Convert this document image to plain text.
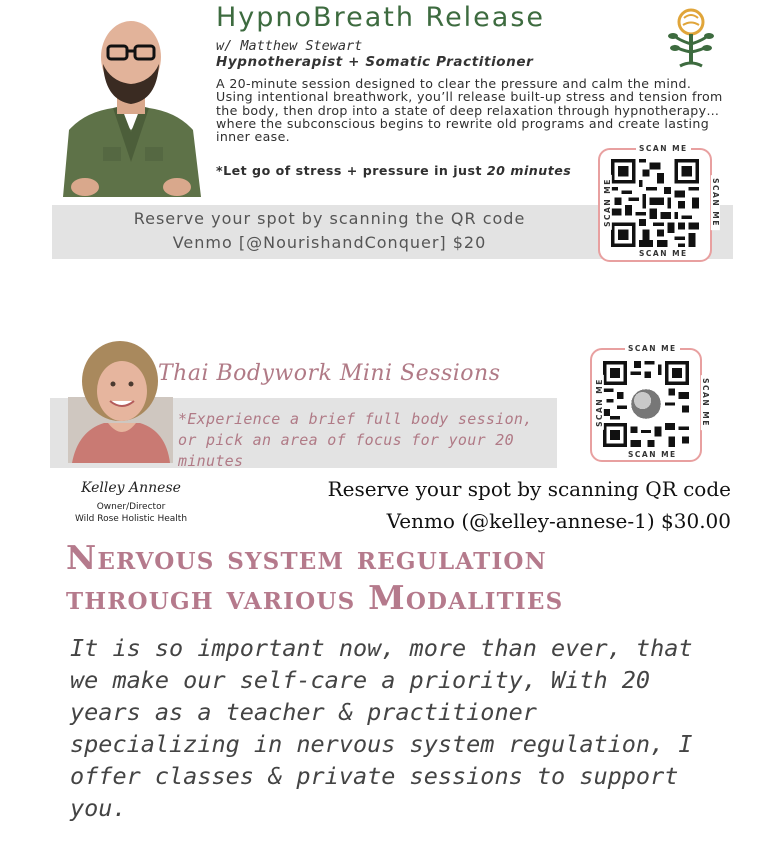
HypnoBreath Release
w/ Matthew Stewart
Hypnotherapist + Somatic Practitioner
A 20-minute session designed to clear the pressure and calm the mind. Using intentional breathwork, you’ll release built-up stress and tension from the body, then drop into a state of deep relaxation through hypnotherapy… where the subconscious begins to rewrite old programs and create lasting inner ease.
*Let go of stress + pressure in just 20 minutes
Reserve your spot by scanning the QR code
Venmo [@NourishandConquer] $20
SCAN ME
SCAN ME
SCAN ME	SCAN ME
Thai Bodywork Mini Sessions
*Experience a brief full body session, or pick an area of focus for your 20 minutes
SCAN ME
SCAN ME
SCAN ME	SCAN ME
Kelley Annese
Owner/Director
Wild Rose Holistic Health
Reserve your spot by scanning QR code
Venmo (@kelley-annese-1) $30.00
Nervous system regulation
through various Modalities
It is so important now, more than ever, that we make our self-care a priority, With 20 years as a teacher & practitioner specializing in nervous system regulation, I offer classes & private sessions to support you.
